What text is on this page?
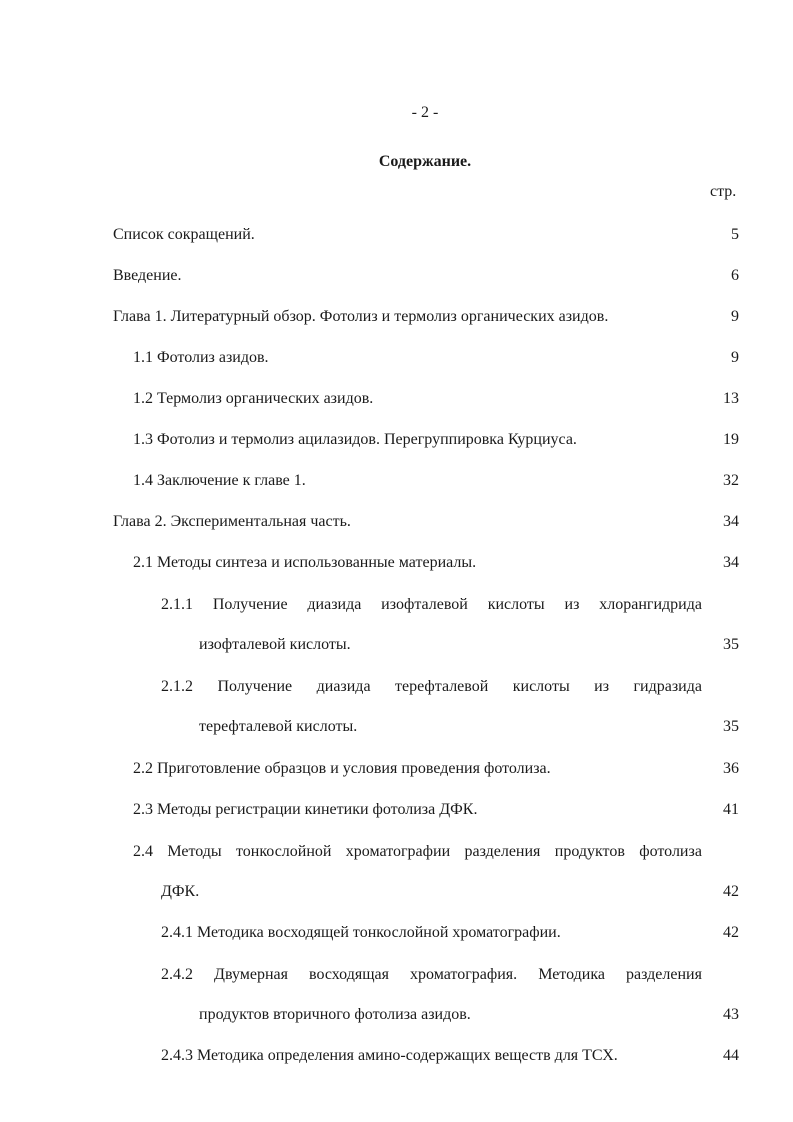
- 2 -
Содержание.
стр.
Список сокращений.	5
Введение.	6
Глава 1. Литературный обзор. Фотолиз и термолиз органических азидов.	9
1.1 Фотолиз азидов.	9
1.2 Термолиз органических азидов.	13
1.3 Фотолиз и термолиз ацилазидов. Перегруппировка Курциуса.	19
1.4 Заключение к главе 1.	32
Глава 2. Экспериментальная часть.	34
2.1 Методы синтеза и использованные материалы.	34
2.1.1 Получение диазида изофталевой кислоты из хлорангидрида
изофталевой кислоты.	35
2.1.2 Получение диазида терефталевой кислоты из гидразида
терефталевой кислоты.	35
2.2 Приготовление образцов и условия проведения фотолиза.	36
2.3 Методы регистрации кинетики фотолиза ДФК.	41
2.4 Методы тонкослойной хроматографии разделения продуктов фотолиза
ДФК.	42
2.4.1 Методика восходящей тонкослойной хроматографии.	42
2.4.2 Двумерная восходящая хроматография. Методика разделения
продуктов вторичного фотолиза азидов.	43
2.4.3 Методика определения амино-содержащих веществ для ТСХ.	44
